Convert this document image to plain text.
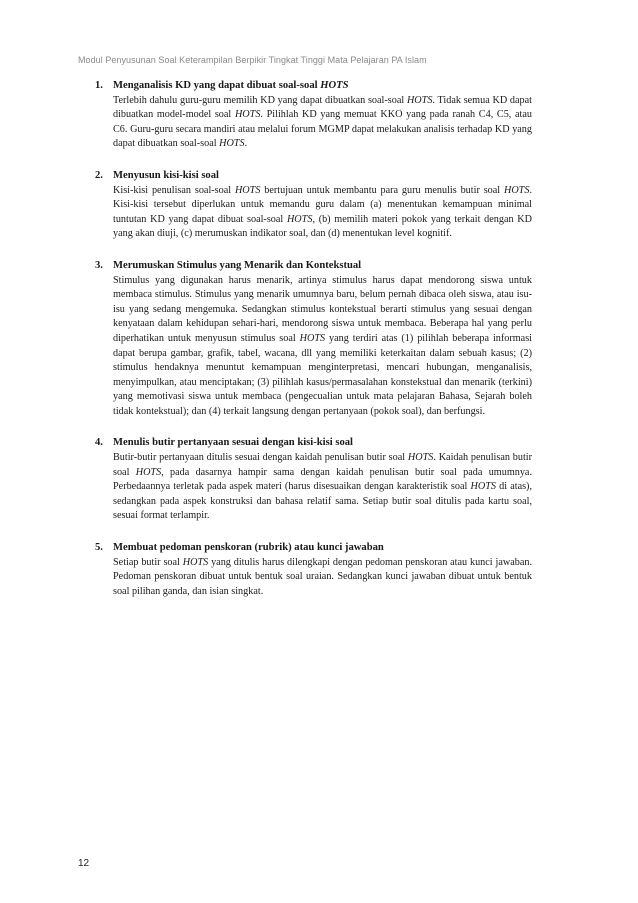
Modul Penyusunan Soal Keterampilan Berpikir Tingkat Tinggi Mata Pelajaran PA Islam
1. Menganalisis KD yang dapat dibuat soal-soal HOTS
Terlebih dahulu guru-guru memilih KD yang dapat dibuatkan soal-soal HOTS. Tidak semua KD dapat dibuatkan model-model soal HOTS. Pilihlah KD yang memuat KKO yang pada ranah C4, C5, atau C6. Guru-guru secara mandiri atau melalui forum MGMP dapat melakukan analisis terhadap KD yang dapat dibuatkan soal-soal HOTS.
2. Menyusun kisi-kisi soal
Kisi-kisi penulisan soal-soal HOTS bertujuan untuk membantu para guru menulis butir soal HOTS. Kisi-kisi tersebut diperlukan untuk memandu guru dalam (a) menentukan kemampuan minimal tuntutan KD yang dapat dibuat soal-soal HOTS, (b) memilih materi pokok yang terkait dengan KD yang akan diuji, (c) merumuskan indikator soal, dan (d) menentukan level kognitif.
3. Merumuskan Stimulus yang Menarik dan Kontekstual
Stimulus yang digunakan harus menarik, artinya stimulus harus dapat mendorong siswa untuk membaca stimulus. Stimulus yang menarik umumnya baru, belum pernah dibaca oleh siswa, atau isu-isu yang sedang mengemuka. Sedangkan stimulus kontekstual berarti stimulus yang sesuai dengan kenyataan dalam kehidupan sehari-hari, mendorong siswa untuk membaca. Beberapa hal yang perlu diperhatikan untuk menyusun stimulus soal HOTS yang terdiri atas (1) pilihlah beberapa informasi dapat berupa gambar, grafik, tabel, wacana, dll yang memiliki keterkaitan dalam sebuah kasus; (2) stimulus hendaknya menuntut kemampuan menginterpretasi, mencari hubungan, menganalisis, menyimpulkan, atau menciptakan; (3) pilihlah kasus/permasalahan konstekstual dan menarik (terkini) yang memotivasi siswa untuk membaca (pengecualian untuk mata pelajaran Bahasa, Sejarah boleh tidak kontekstual); dan (4) terkait langsung dengan pertanyaan (pokok soal), dan berfungsi.
4. Menulis butir pertanyaan sesuai dengan kisi-kisi soal
Butir-butir pertanyaan ditulis sesuai dengan kaidah penulisan butir soal HOTS. Kaidah penulisan butir soal HOTS, pada dasarnya hampir sama dengan kaidah penulisan butir soal pada umumnya. Perbedaannya terletak pada aspek materi (harus disesuaikan dengan karakteristik soal HOTS di atas), sedangkan pada aspek konstruksi dan bahasa relatif sama. Setiap butir soal ditulis pada kartu soal, sesuai format terlampir.
5. Membuat pedoman penskoran (rubrik) atau kunci jawaban
Setiap butir soal HOTS yang ditulis harus dilengkapi dengan pedoman penskoran atau kunci jawaban. Pedoman penskoran dibuat untuk bentuk soal uraian. Sedangkan kunci jawaban dibuat untuk bentuk soal pilihan ganda, dan isian singkat.
12
